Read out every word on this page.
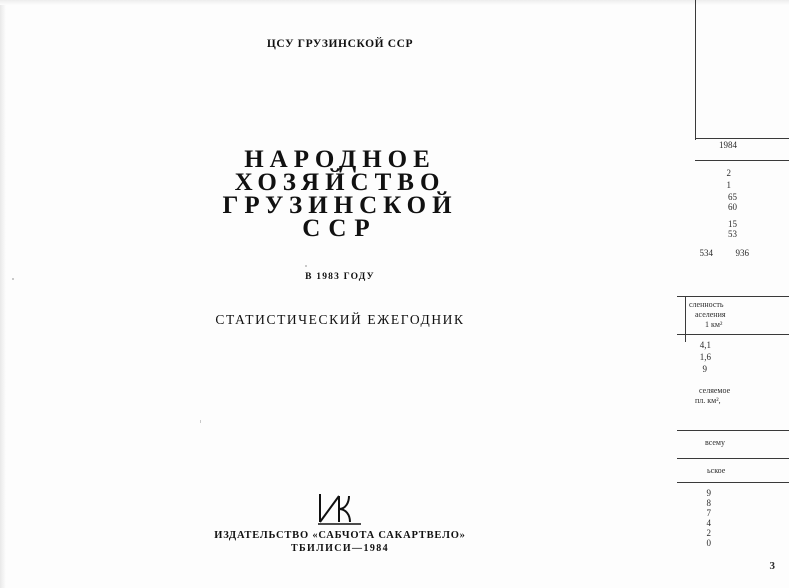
ЦСУ ГРУЗИНСКОЙ ССР
НАРОДНОЕ
ХОЗЯЙСТВО
ГРУЗИНСКОЙ
ССР
В 1983 ГОДУ
СТАТИСТИЧЕСКИЙ ЕЖЕГОДНИК
ИЗДАТЕЛЬСТВО «САБЧОТА САКАРТВЕЛО»
ТБИЛИСИ—1984
1984
2
1
65
60
15
53
534	936
сленность
аселения
1 км²
4,1
1,6
9
селяемое
пл. км²,
всему
ьское
9
8
7
4
2
0
3
